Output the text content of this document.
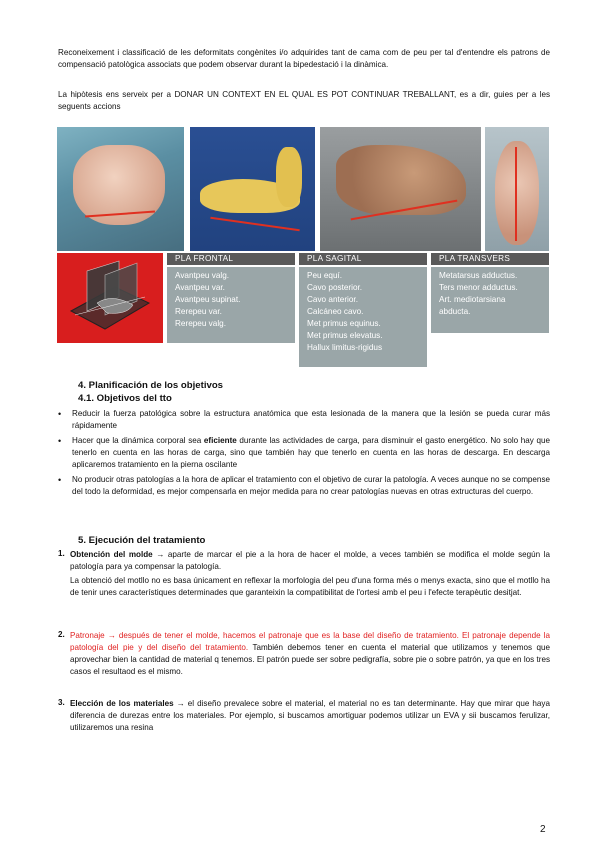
Reconeixement i classificació de les deformitats congènites i/o adquirides tant de cama com de peu per tal d'entendre els patrons de compensació patològica associats que podem observar durant la bipedestació i la dinàmica.
La hipòtesis ens serveix per a DONAR UN CONTEXT EN EL QUAL ES POT CONTINUAR TREBALLANT, es a dir, guies per a les seguents accions
PLA FRONTAL
Avantpeu valg.
Avantpeu var.
Avantpeu supinat.
Rerepeu var.
Rerepeu valg.
PLA SAGITAL
Peu equí.
Cavo posterior.
Cavo anterior.
Calcáneo cavo.
Met primus equinus.
Met primus elevatus.
Hallux limitus-rigidus
PLA TRANSVERS
Metatarsus adductus.
Ters menor adductus.
Art. mediotarsiana
abducta.
4. Planificación de los objetivos
4.1. Objetivos del tto
• Reducir la fuerza patológica sobre la estructura anatómica que esta lesionada de la manera que la lesión se pueda curar más rápidamente
• Hacer que la dinámica corporal sea eficiente durante las actividades de carga, para disminuir el gasto energético. No solo hay que tenerlo en cuenta en las horas de carga, sino que también hay que tenerlo en cuenta en las horas de descarga. En descarga aplicaremos tratamiento en la pierna oscilante
• No producir otras patologías a la hora de aplicar el tratamiento con el objetivo de curar la patología. A veces aunque no se compense del todo la deformidad, es mejor compensarla en mejor medida para no crear patologías nuevas en otras extructuras del cuerpo.
5. Ejecución del tratamiento
1. Obtención del molde → aparte de marcar el pie a la hora de hacer el molde, a veces también se modifica el molde según la patología para ya compensar la patología.
La obtenció del motllo no es basa únicament en reflexar la morfologia del peu d'una forma més o menys exacta, sino que el motllo ha de tenir unes característiques determinades que garanteixin la compatibilitat de l'ortesi amb el peu i l'efecte terapèutic desitjat.
2. Patronaje → después de tener el molde, hacemos el patronaje que es la base del diseño de tratamiento. El patronaje depende la patología del pie y del diseño del tratamiento. También debemos tener en cuenta el material que utilizamos y tenemos que aprovechar bien la cantidad de material q tenemos. El patrón puede ser sobre pedigrafía, sobre pie o sobre patrón, ya que en los tres casos el resultaod es el mismo.
3. Elección de los materiales → el diseño prevalece sobre el material, el material no es tan determinante. Hay que mirar que haya diferencia de durezas entre los materiales. Por ejemplo, si buscamos amortiguar podemos utilizar un EVA y sii buscamos ferulizar, utilizaremos una resina
2
